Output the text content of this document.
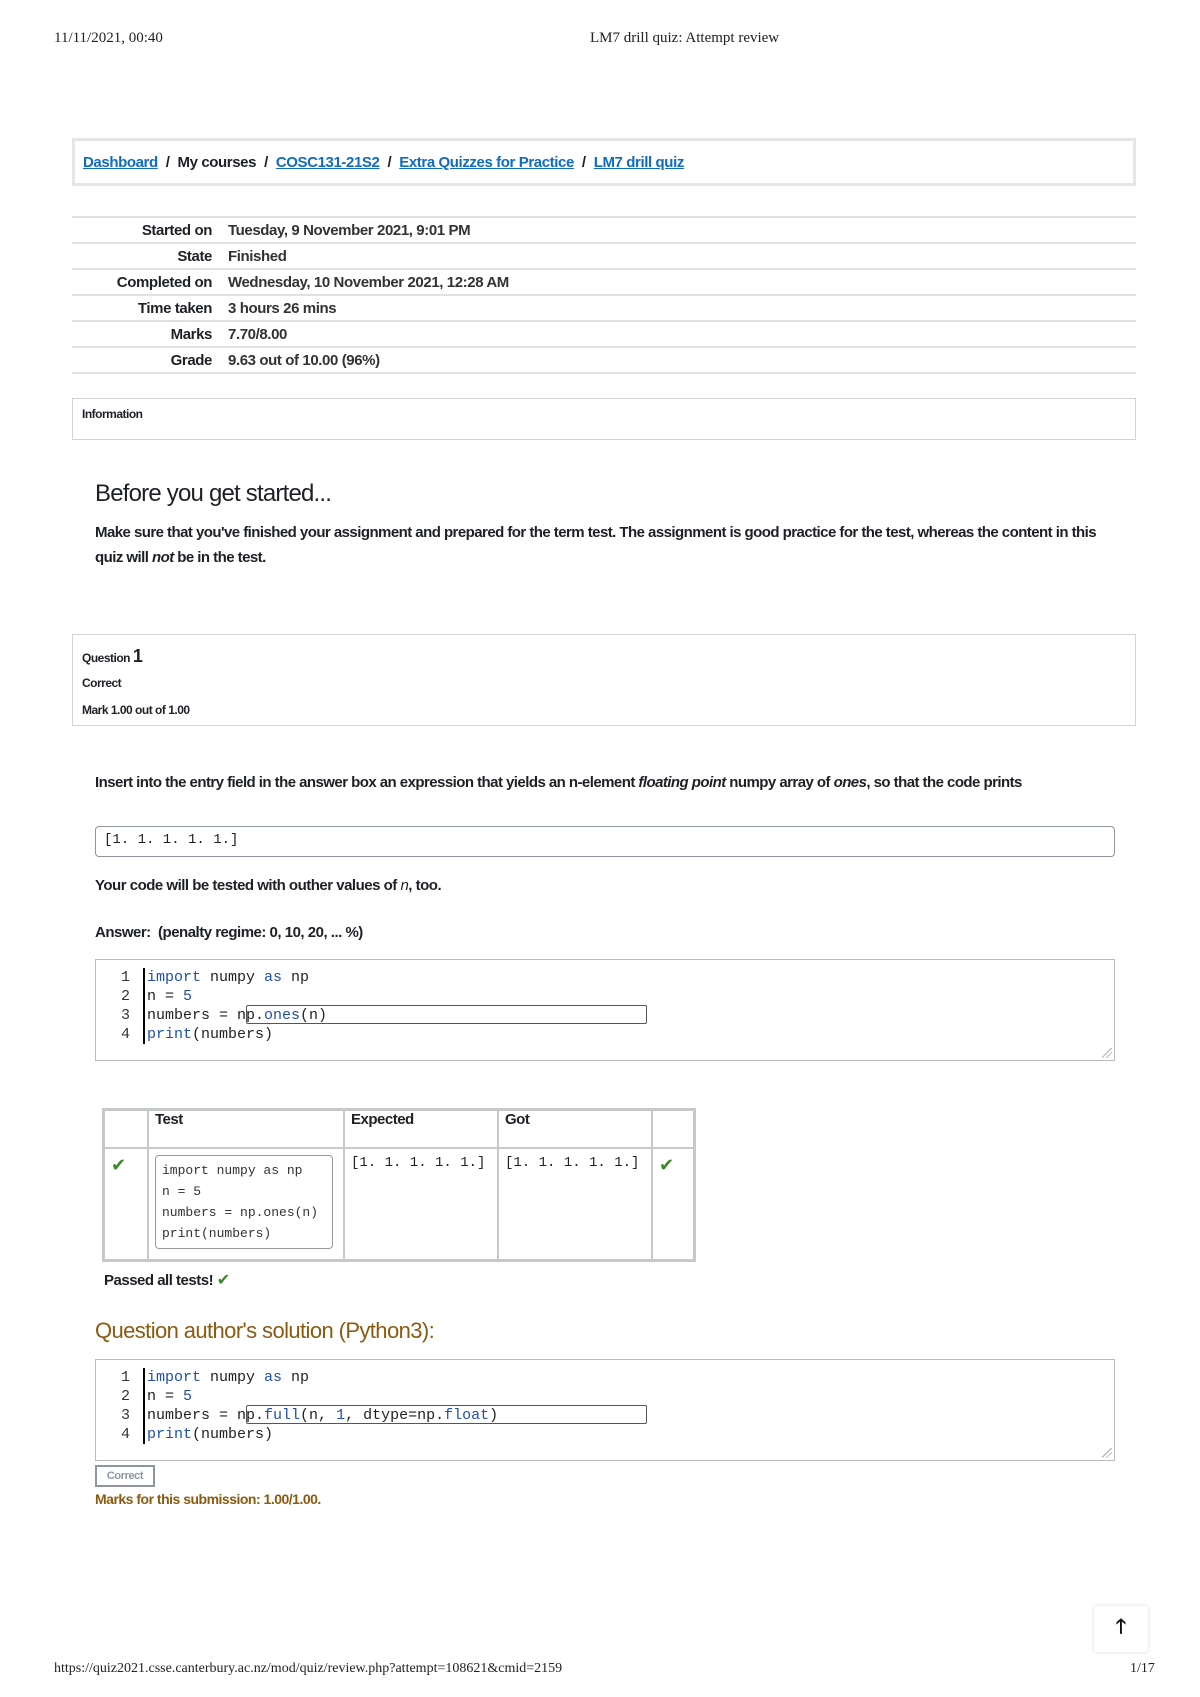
11/11/2021, 00:40	LM7 drill quiz: Attempt review
Dashboard / My courses / COSC131-21S2 / Extra Quizzes for Practice / LM7 drill quiz
Started on	Tuesday, 9 November 2021, 9:01 PM
State	Finished
Completed on	Wednesday, 10 November 2021, 12:28 AM
Time taken	3 hours 26 mins
Marks	7.70/8.00
Grade	9.63 out of 10.00 (96%)
Information
Before you get started...
Make sure that you've finished your assignment and prepared for the term test. The assignment is good practice for the test, whereas the content in this quiz will not be in the test.
Question 1
Correct
Mark 1.00 out of 1.00
Insert into the entry field in the answer box an expression that yields an n-element floating point numpy array of ones, so that the code prints
[1. 1. 1. 1. 1.]
Your code will be tested with outher values of n, too.
Answer: (penalty regime: 0, 10, 20, ... %)
1
2
3
4
import numpy as np
n = 5
numbers = np.ones(n)
print(numbers)
	Test	Expected	Got	
✔	import numpy as np
n = 5
numbers = np.ones(n)
print(numbers)	[1. 1. 1. 1. 1.]	[1. 1. 1. 1. 1.]	✔
Passed all tests! ✔
Question author's solution (Python3):
1
2
3
4
import numpy as np
n = 5
numbers = np.full(n, 1, dtype=np.float)
print(numbers)
Correct
Marks for this submission: 1.00/1.00.
🡑
https://quiz2021.csse.canterbury.ac.nz/mod/quiz/review.php?attempt=108621&cmid=2159	1/17
